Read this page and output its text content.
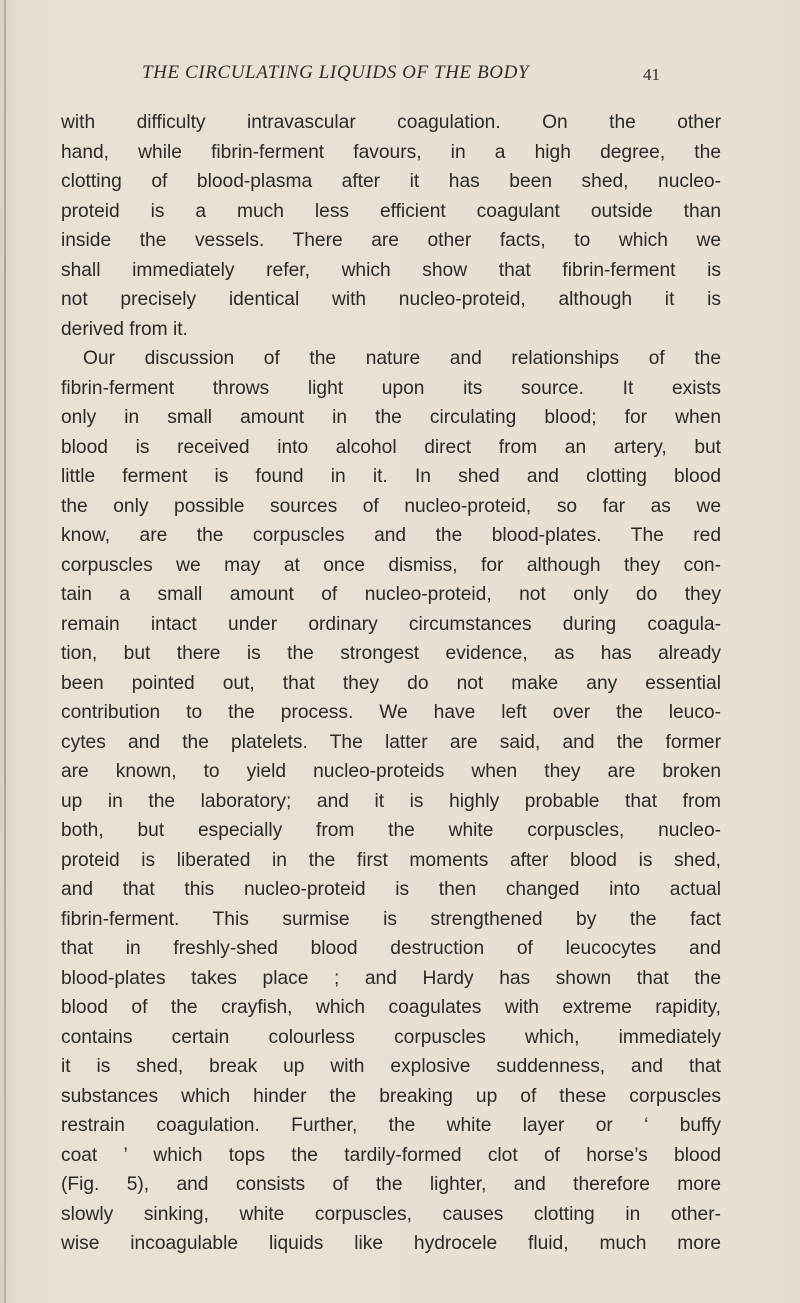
THE CIRCULATING LIQUIDS OF THE BODY	41
with difficulty intravascular coagulation. On the other
hand, while fibrin-ferment favours, in a high degree, the
clotting of blood-plasma after it has been shed, nucleo-
proteid is a much less efficient coagulant outside than
inside the vessels. There are other facts, to which we
shall immediately refer, which show that fibrin-ferment is
not precisely identical with nucleo-proteid, although it is
derived from it.
Our discussion of the nature and relationships of the
fibrin-ferment throws light upon its source. It exists
only in small amount in the circulating blood; for when
blood is received into alcohol direct from an artery, but
little ferment is found in it. In shed and clotting blood
the only possible sources of nucleo-proteid, so far as we
know, are the corpuscles and the blood-plates. The red
corpuscles we may at once dismiss, for although they con-
tain a small amount of nucleo-proteid, not only do they
remain intact under ordinary circumstances during coagula-
tion, but there is the strongest evidence, as has already
been pointed out, that they do not make any essential
contribution to the process. We have left over the leuco-
cytes and the platelets. The latter are said, and the former
are known, to yield nucleo-proteids when they are broken
up in the laboratory; and it is highly probable that from
both, but especially from the white corpuscles, nucleo-
proteid is liberated in the first moments after blood is shed,
and that this nucleo-proteid is then changed into actual
fibrin-ferment. This surmise is strengthened by the fact
that in freshly-shed blood destruction of leucocytes and
blood-plates takes place ; and Hardy has shown that the
blood of the crayfish, which coagulates with extreme rapidity,
contains certain colourless corpuscles which, immediately
it is shed, break up with explosive suddenness, and that
substances which hinder the breaking up of these corpuscles
restrain coagulation. Further, the white layer or ‘ buffy
coat ’ which tops the tardily-formed clot of horse’s blood
(Fig. 5), and consists of the lighter, and therefore more
slowly sinking, white corpuscles, causes clotting in other-
wise incoagulable liquids like hydrocele fluid, much more
